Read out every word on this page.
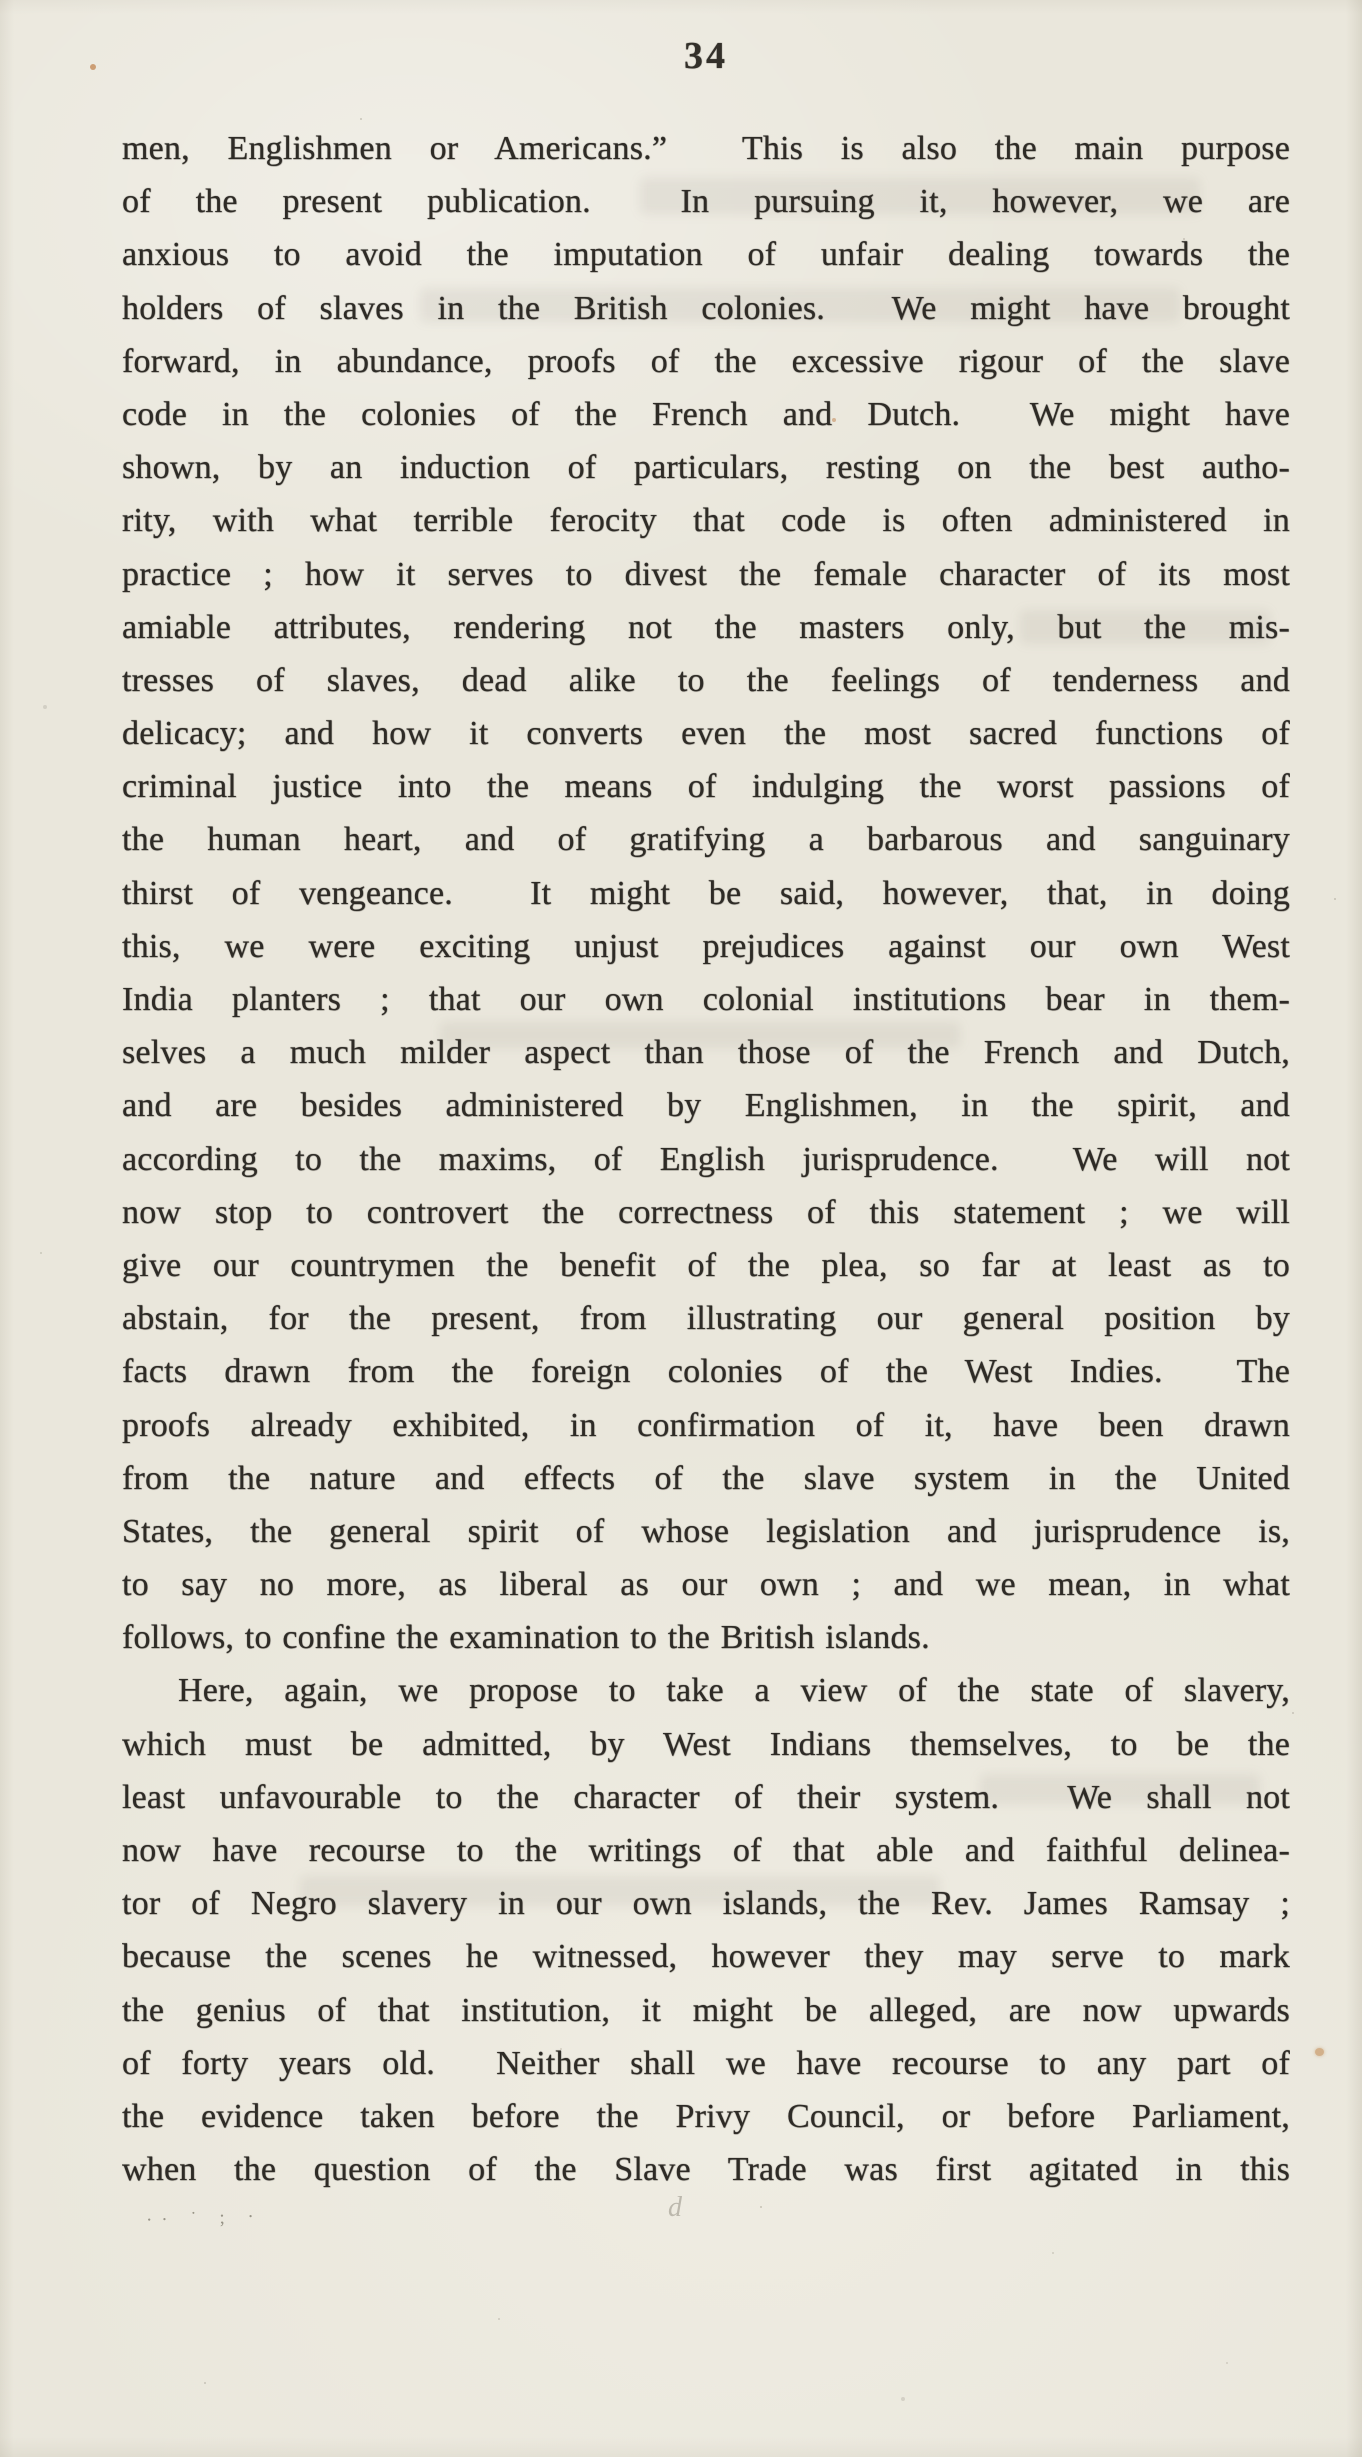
34
men, Englishmen or Americans.”  This is also the main purpose
of the present publication.  In pursuing it, however, we are
anxious to avoid the imputation of unfair dealing towards the
holders of slaves in the British colonies.  We might have brought
forward, in abundance, proofs of the excessive rigour of the slave
code in the colonies of the French and Dutch.  We might have
shown, by an induction of particulars, resting on the best autho-
rity, with what terrible ferocity that code is often administered in
practice ; how it serves to divest the female character of its most
amiable attributes, rendering not the masters only, but the mis-
tresses of slaves, dead alike to the feelings of tenderness and
delicacy; and how it converts even the most sacred functions of
criminal justice into the means of indulging the worst passions of
the human heart, and of gratifying a barbarous and sanguinary
thirst of vengeance.  It might be said, however, that, in doing
this, we were exciting unjust prejudices against our own West
India planters ; that our own colonial institutions bear in them-
selves a much milder aspect than those of the French and Dutch,
and are besides administered by Englishmen, in the spirit, and
according to the maxims, of English jurisprudence.  We will not
now stop to controvert the correctness of this statement ; we will
give our countrymen the benefit of the plea, so far at least as to
abstain, for the present, from illustrating our general position by
facts drawn from the foreign colonies of the West Indies.  The
proofs already exhibited, in confirmation of it, have been drawn
from the nature and effects of the slave system in the United
States, the general spirit of whose legislation and jurisprudence is,
to say no more, as liberal as our own ; and we mean, in what
follows, to confine the examination to the British islands.
Here, again, we propose to take a view of the state of slavery,
which must be admitted, by West Indians themselves, to be the
least unfavourable to the character of their system.  We shall not
now have recourse to the writings of that able and faithful delinea-
tor of Negro slavery in our own islands, the Rev. James Ramsay ;
because the scenes he witnessed, however they may serve to mark
the genius of that institution, it might be alleged, are now upwards
of forty years old.  Neither shall we have recourse to any part of
the evidence taken before the Privy Council, or before Parliament,
when the question of the Slave Trade was first agitated in this
·· ˙ ; ·	d
